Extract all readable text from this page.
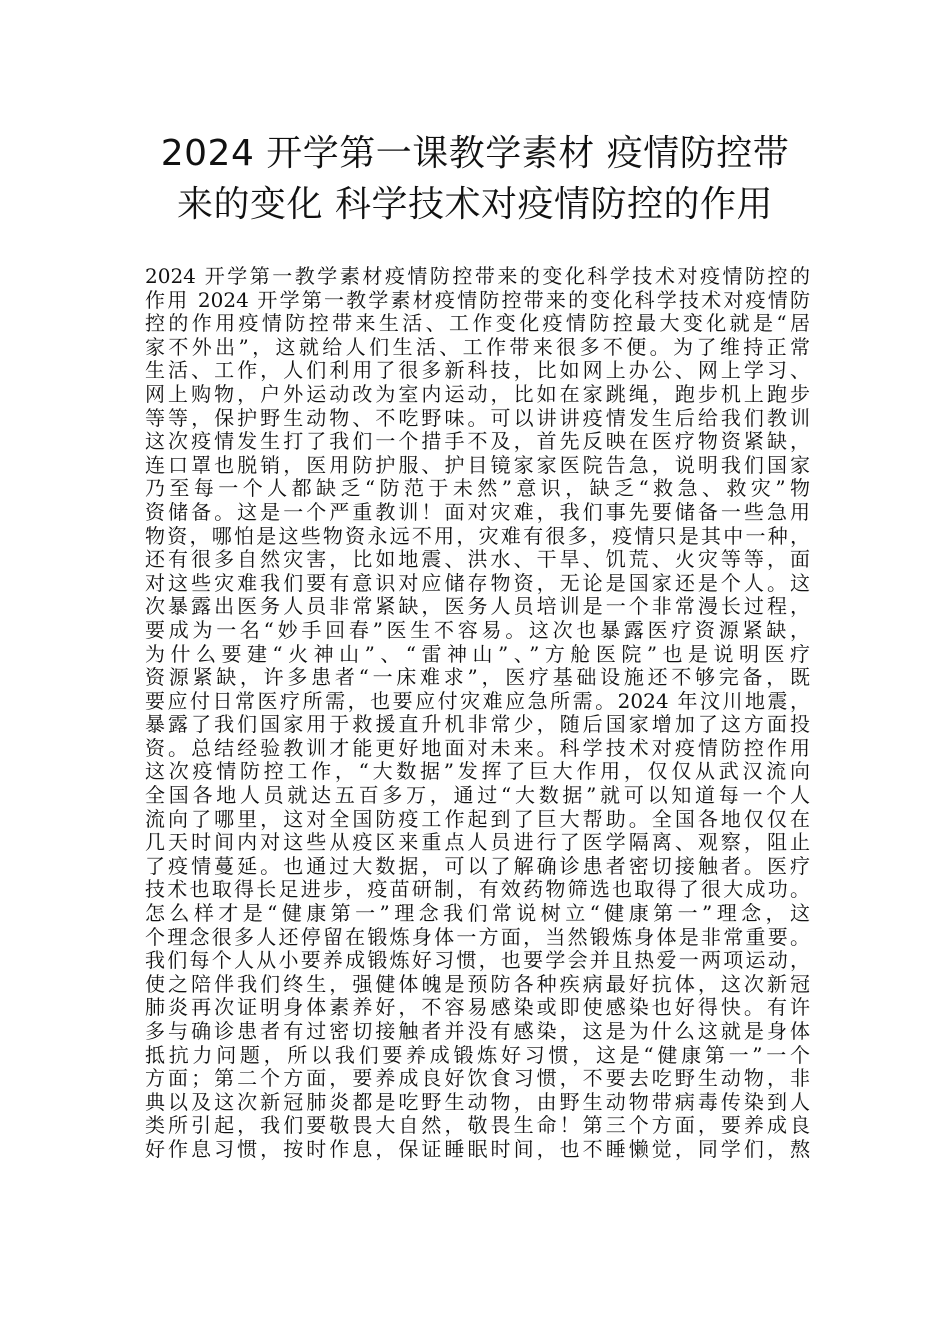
2024 开学第一课教学素材 疫情防控带
来的变化 科学技术对疫情防控的作用
2024 开学第一教学素材疫情防控带来的变化科学技术对疫情防控的
作用 2024 开学第一教学素材疫情防控带来的变化科学技术对疫情防
控的作用疫情防控带来生活、工作变化疫情防控最大变化就是“居
家不外出”，这就给人们生活、工作带来很多不便。为了维持正常
生活、工作，人们利用了很多新科技，比如网上办公、网上学习、
网上购物，户外运动改为室内运动，比如在家跳绳，跑步机上跑步
等等，保护野生动物、不吃野味。可以讲讲疫情发生后给我们教训
这次疫情发生打了我们一个措手不及，首先反映在医疗物资紧缺，
连口罩也脱销，医用防护服、护目镜家家医院告急，说明我们国家
乃至每一个人都缺乏“防范于未然”意识，缺乏“救急、救灾”物
资储备。这是一个严重教训！面对灾难，我们事先要储备一些急用
物资，哪怕是这些物资永远不用，灾难有很多，疫情只是其中一种，
还有很多自然灾害，比如地震、洪水、干旱、饥荒、火灾等等，面
对这些灾难我们要有意识对应储存物资，无论是国家还是个人。这
次暴露出医务人员非常紧缺，医务人员培训是一个非常漫长过程，
要成为一名“妙手回春”医生不容易。这次也暴露医疗资源紧缺，
为什么要建“火神山”、“雷神山”、”方舱医院”也是说明医疗
资源紧缺，许多患者“一床难求”，医疗基础设施还不够完备，既
要应付日常医疗所需，也要应付灾难应急所需。2024 年汶川地震，
暴露了我们国家用于救援直升机非常少，随后国家增加了这方面投
资。总结经验教训才能更好地面对未来。科学技术对疫情防控作用
这次疫情防控工作，“大数据”发挥了巨大作用，仅仅从武汉流向
全国各地人员就达五百多万，通过“大数据”就可以知道每一个人
流向了哪里，这对全国防疫工作起到了巨大帮助。全国各地仅仅在
几天时间内对这些从疫区来重点人员进行了医学隔离、观察，阻止
了疫情蔓延。也通过大数据，可以了解确诊患者密切接触者。医疗
技术也取得长足进步，疫苗研制，有效药物筛选也取得了很大成功。
怎么样才是“健康第一”理念我们常说树立“健康第一”理念，这
个理念很多人还停留在锻炼身体一方面，当然锻炼身体是非常重要。
我们每个人从小要养成锻炼好习惯，也要学会并且热爱一两项运动，
使之陪伴我们终生，强健体魄是预防各种疾病最好抗体，这次新冠
肺炎再次证明身体素养好，不容易感染或即使感染也好得快。有许
多与确诊患者有过密切接触者并没有感染，这是为什么这就是身体
抵抗力问题，所以我们要养成锻炼好习惯，这是“健康第一”一个
方面；第二个方面，要养成良好饮食习惯，不要去吃野生动物，非
典以及这次新冠肺炎都是吃野生动物，由野生动物带病毒传染到人
类所引起，我们要敬畏大自然，敬畏生命！第三个方面，要养成良
好作息习惯，按时作息，保证睡眠时间，也不睡懒觉，同学们，熬
